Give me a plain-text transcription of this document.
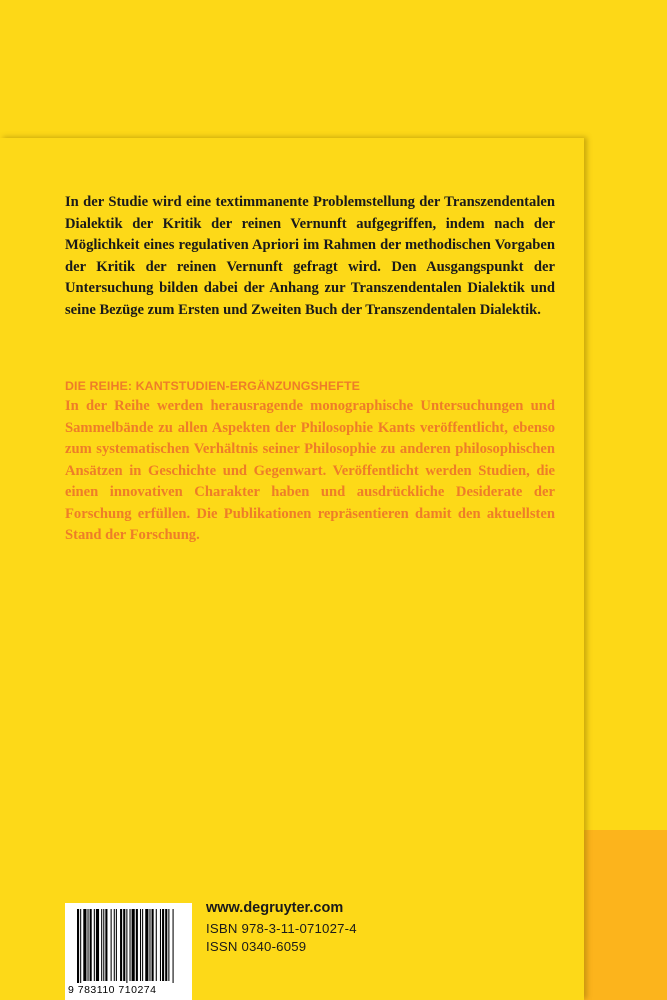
In der Studie wird eine textimmanente Problemstellung der Transzendentalen Dialektik der Kritik der reinen Vernunft aufgegriffen, indem nach der Möglichkeit eines regulativen Apriori im Rahmen der methodischen Vorgaben der Kritik der reinen Vernunft gefragt wird. Den Ausgangspunkt der Untersuchung bilden dabei der Anhang zur Transzendentalen Dialektik und seine Bezüge zum Ersten und Zweiten Buch der Transzendentalen Dialektik.

DIE REIHE: KANTSTUDIEN-ERGÄNZUNGSHEFTE

In der Reihe werden herausragende monographische Untersuchungen und Sammelbände zu allen Aspekten der Philosophie Kants veröffentlicht, ebenso zum systematischen Verhältnis seiner Philosophie zu anderen philosophischen Ansätzen in Geschichte und Gegenwart. Veröffentlicht werden Studien, die einen innovativen Charakter haben und ausdrückliche Desiderate der Forschung erfüllen. Die Publikationen repräsentieren damit den aktuellsten Stand der Forschung.

9 783110 710274
www.degruyter.com
ISBN 978-3-11-071027-4
ISSN 0340-6059
